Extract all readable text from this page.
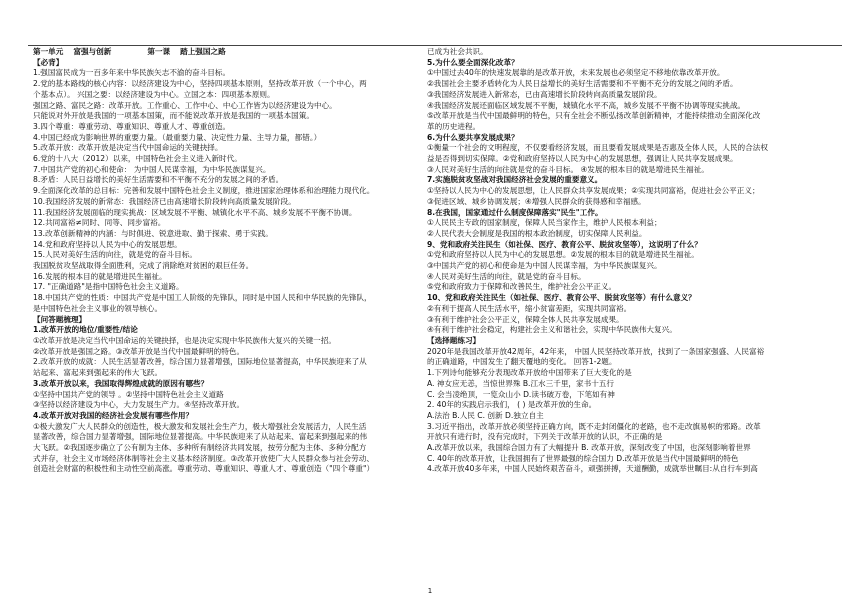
第一单元 富强与创新	第一课 踏上强国之路

【必背】

1.强国富民成为一百多年来中华民族矢志不渝的奋斗目标。

2.党的基本路线的核心内容：以经济建设为中心，坚持四项基本原则，坚持改革开放（一个中心，两

个基本点）。 兴国之要：以经济建设为中心。立国之本：四项基本原则。

强国之路、富民之路：改革开放。工作重心、工作中心、中心工作皆为以经济建设为中心。

只能说对外开放是我国的一项基本国策，而不能说改革开放是我国的一项基本国策。

3.四个尊重：尊重劳动、尊重知识、尊重人才、尊重创造。

4.中国已经成为影响世界的重要力量。（最重要力量、决定性力量、主导力量，都错。）

5.改革开放：改革开放是决定当代中国命运的关键抉择。

6.党的十八大（2012）以来，中国特色社会主义进入新时代。

7.中国共产党的初心和使命： 为中国人民谋幸福，为中华民族谋复兴。

8.矛盾：人民日益增长的美好生活需要和不平衡不充分的发展之间的矛盾。

9.全面深化改革的总目标：完善和发展中国特色社会主义制度，推进国家治理体系和治理能力现代化。

10.我国经济发展的新常态：我国经济已由高速增长阶段转向高质量发展阶段。

11.我国经济发展面临的现实挑战：区域发展不平衡、城镇化水平不高、城乡发展不平衡不协调。

12.共同富裕≠同时、同等、同步富裕。

13.改革创新精神的内涵：与时俱进、锐意进取、勤于探索、勇于实践。

14.党和政府坚持以人民为中心的发展思想。

15.人民对美好生活的向往，就是党的奋斗目标。

我国脱贫攻坚战取得全面胜利，完成了消除绝对贫困的艰巨任务。

16.发展的根本目的就是增进民生福祉。

17. "正确道路"是指中国特色社会主义道路。

18.中国共产党的性质：中国共产党是中国工人阶级的先锋队，同时是中国人民和中华民族的先锋队，

是中国特色社会主义事业的领导核心。

【问答题梳理】

1.改革开放的地位/重要性/结论

①改革开放是决定当代中国命运的关键抉择，也是决定实现中华民族伟大复兴的关键一招。

②改革开放是强国之路。③改革开放是当代中国最鲜明的特色。

2.改革开放的成就：人民生活显著改善，综合国力显著增强，国际地位显著提高，中华民族迎来了从

站起来、富起来到强起来的伟大飞跃。

3.改革开放以来，我国取得辉煌成就的原因有哪些？

①坚持中国共产党的领导 。②坚持中国特色社会主义道路

③坚持以经济建设为中心，大力发展生产力。④坚持改革开放。

4.改革开放对我国的经济社会发展有哪些作用？

①极大激发广大人民群众的创造性，极大激发和发展社会生产力，极大增强社会发展活力，人民生活

显著改善，综合国力显著增强，国际地位显著提高。中华民族迎来了从站起来、富起来到强起来的伟

大飞跃。②我国逐步确立了公有制为主体、多种所有制经济共同发展，按劳分配为主体、多种分配方

式并存，社会主义市场经济体制等社会主义基本经济制度。③改革开放使广大人民群众参与社会劳动、

创造社会财富的积极性和主动性空前高涨。尊重劳动、尊重知识、尊重人才、尊重创造（"四个尊重"）

已成为社会共识。

5.为什么要全面深化改革？

①中国过去40年的快速发展靠的是改革开放，未来发展也必须坚定不移地依靠改革开放。

②我国社会主要矛盾转化为人民日益增长的美好生活需要和不平衡不充分的发展之间的矛盾。

③我国经济发展进入新常态，已由高速增长阶段转向高质量发展阶段。

④我国经济发展还面临区域发展不平衡，城镇化水平不高，城乡发展不平衡不协调等现实挑战。

⑤改革开放是当代中国最鲜明的特色，只有全社会不断弘扬改革创新精神，才能持续推动全面深化改

革的历史进程。

6.为什么要共享发展成果？

①衡量一个社会的文明程度，不仅要看经济发展，而且要看发展成果是否惠及全体人民，人民的合法权

益是否得到切实保障。②党和政府坚持以人民为中心的发展思想，强调让人民共享发展成果。

③人民对美好生活的向往就是党的奋斗目标。 ④发展的根本目的就是增进民生福祉。

7.实施脱贫攻坚战对我国经济社会发展的重要意义。

①坚持以人民为中心的发展思想，让人民群众共享发展成果；②实现共同富裕，促进社会公平正义；

③促进区域、城乡协调发展；④增强人民群众的获得感和幸福感。

8.在我国，国家通过什么制度保障落实"民生"工作。

①人民民主专政的国家制度，保障人民当家作主，维护人民根本利益；

②人民代表大会制度是我国的根本政治制度，切实保障人民利益。

9、党和政府关注民生（如社保、医疗、教育公平、脱贫攻坚等），这说明了什么？

①党和政府坚持以人民为中心的发展思想。②发展的根本目的就是增进民生福祉。

③中国共产党的初心和使命是为中国人民谋幸福，为中华民族谋复兴。

④人民对美好生活的向往，就是党的奋斗目标。

⑤党和政府致力于保障和改善民生，维护社会公平正义。

10、党和政府关注民生（如社保、医疗、教育公平、脱贫攻坚等）有什么意义？

②有利于提高人民生活水平，缩小贫富差距，实现共同富裕。

③有利于维护社会公平正义，保障全体人民共享发展成果。

④有利于维护社会稳定，构建社会主义和谐社会，实现中华民族伟大复兴。

【选择题练习】

2020年是我国改革开放42周年，42年来， 中国人民坚持改革开放，找到了一条国家强盛、人民富裕

的正确道路，中国发生了翻天覆地的变化。 回答1-2题。

1.下列诗句能够充分表现改革开放给中国带来了巨大变化的是

A. 神女应无恙，当惊世界殊 B.江水三千里，家书十五行

C. 会当凌绝顶，一览众山小 D.读书破万卷，下笔如有神

2. 40年的实践启示我们， ( ) 是改革开放的生命。

A.法治 B.人民 C. 创新 D.独立自主

3.习近平指出，改革开放必须坚持正确方向，既不走封闭僵化的老路，也不走改旗易帜的邪路。改革

开放只有进行时，没有完成时，下列关于改革开放的认识，不正确的是

A.改革开放以来，我国综合国力有了大幅提升 B. 改革开放，深刻改变了中国，也深刻影响着世界

C. 40年的改革开放，让我国拥有了世界最强的综合国力 D.改革开放是当代中国最鲜明的特色

4.改革开放40多年来，中国人民始终艰苦奋斗，顽强拼搏，天道酬勤，成就举世瞩目:从自行车到高

1
